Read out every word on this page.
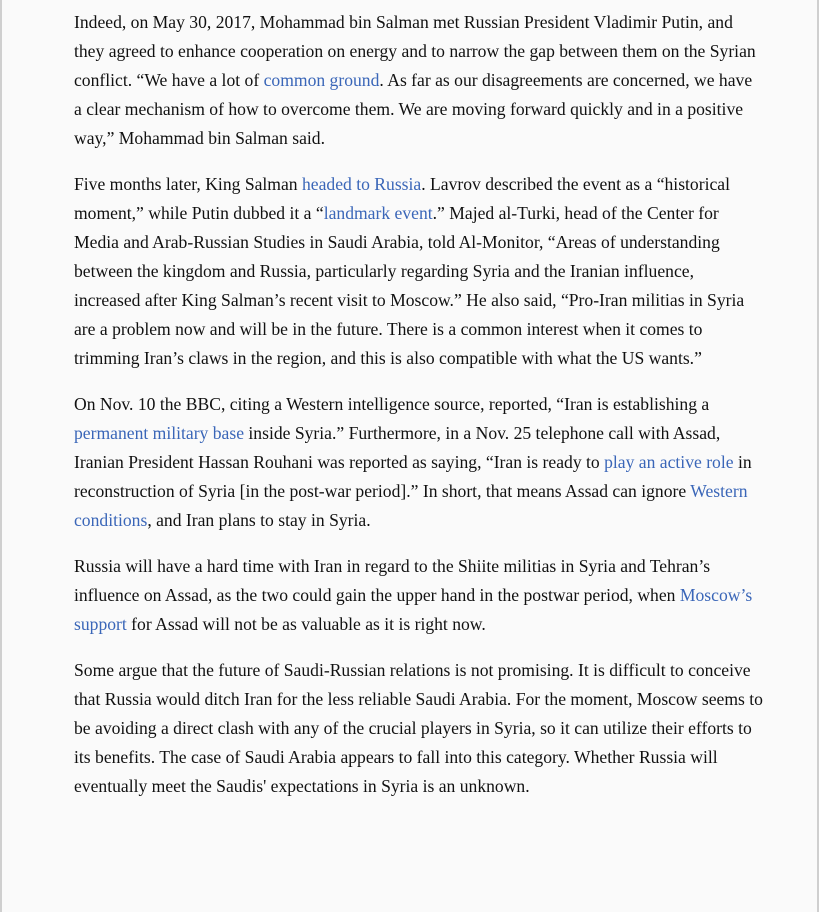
Indeed, on May 30, 2017, Mohammad bin Salman met Russian President Vladimir Putin, and they agreed to enhance cooperation on energy and to narrow the gap between them on the Syrian conflict. “We have a lot of common ground. As far as our disagreements are concerned, we have a clear mechanism of how to overcome them. We are moving forward quickly and in a positive way,” Mohammad bin Salman said.

Five months later, King Salman headed to Russia. Lavrov described the event as a “historical moment,” while Putin dubbed it a “landmark event.” Majed al-Turki, head of the Center for Media and Arab-Russian Studies in Saudi Arabia, told Al-Monitor, “Areas of understanding between the kingdom and Russia, particularly regarding Syria and the Iranian influence, increased after King Salman’s recent visit to Moscow.” He also said, “Pro-Iran militias in Syria are a problem now and will be in the future. There is a common interest when it comes to trimming Iran’s claws in the region, and this is also compatible with what the US wants.”

On Nov. 10 the BBC, citing a Western intelligence source, reported, “Iran is establishing a permanent military base inside Syria.” Furthermore, in a Nov. 25 telephone call with Assad, Iranian President Hassan Rouhani was reported as saying, “Iran is ready to play an active role in reconstruction of Syria [in the post-war period].” In short, that means Assad can ignore Western conditions, and Iran plans to stay in Syria.

Russia will have a hard time with Iran in regard to the Shiite militias in Syria and Tehran’s influence on Assad, as the two could gain the upper hand in the postwar period, when Moscow’s support for Assad will not be as valuable as it is right now.

Some argue that the future of Saudi-Russian relations is not promising. It is difficult to conceive that Russia would ditch Iran for the less reliable Saudi Arabia. For the moment, Moscow seems to be avoiding a direct clash with any of the crucial players in Syria, so it can utilize their efforts to its benefits. The case of Saudi Arabia appears to fall into this category. Whether Russia will eventually meet the Saudis' expectations in Syria is an unknown.
